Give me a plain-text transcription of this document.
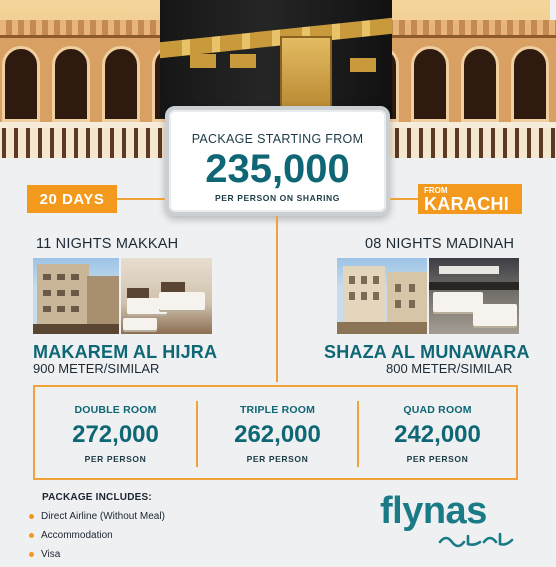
PACKAGE STARTING FROM
235,000
PER PERSON ON SHARING
20 DAYS	FROM
KARACHI
11 NIGHTS MAKKAH
MAKAREM AL HIJRA
900 METER/SIMILAR
08 NIGHTS MADINAH
SHAZA AL MUNAWARA
800 METER/SIMILAR
DOUBLE ROOM
272,000
PER PERSON
TRIPLE ROOM
262,000
PER PERSON
QUAD ROOM
242,000
PER PERSON
PACKAGE INCLUDES:
Direct Airline (Without Meal)
Accommodation
Visa
flynas
